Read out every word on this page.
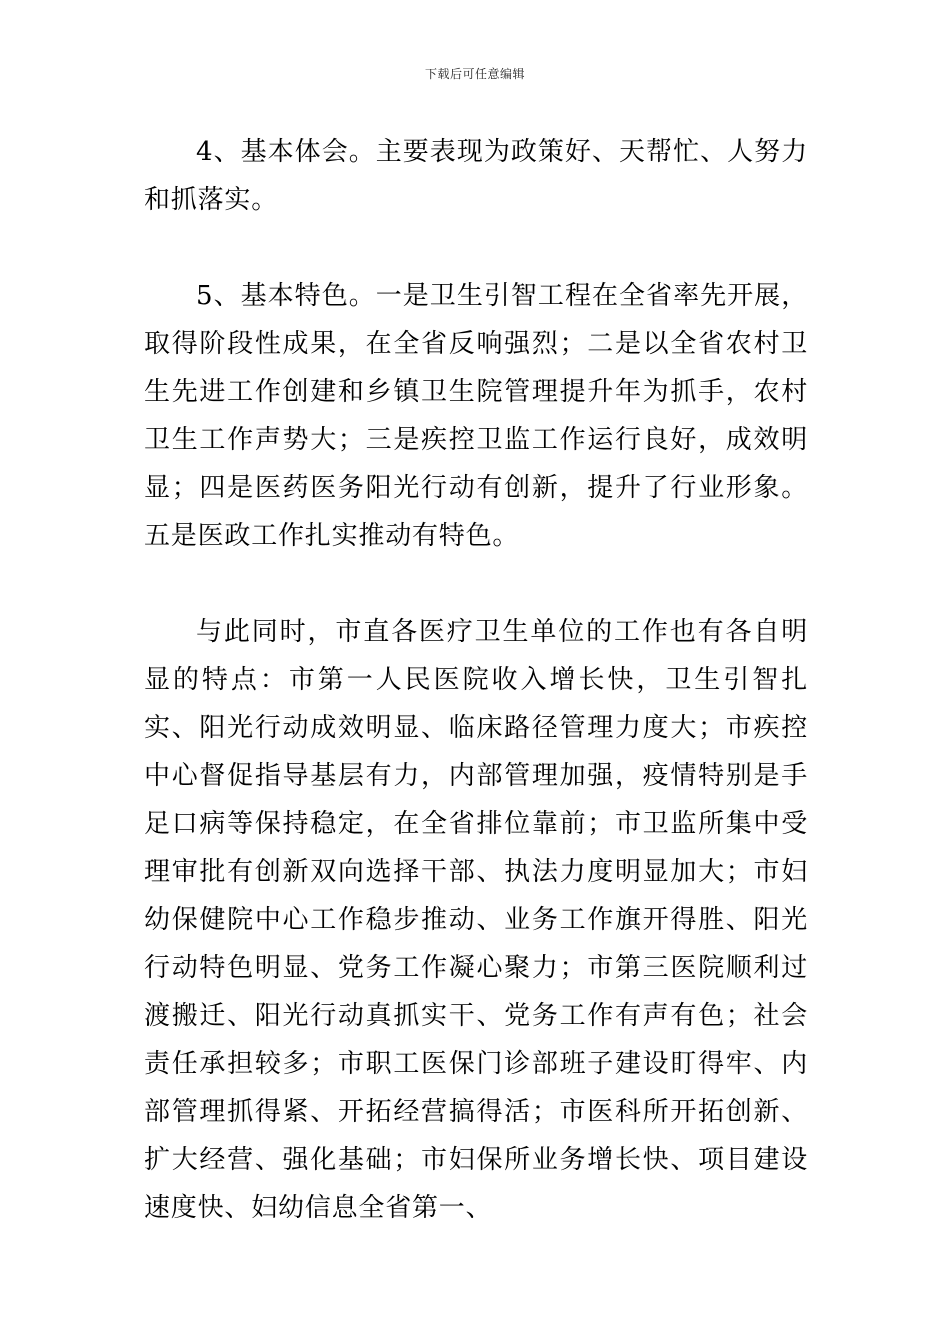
下载后可任意编辑

4、基本体会。主要表现为政策好、天帮忙、人努力和抓落实。

5、基本特色。一是卫生引智工程在全省率先开展，取得阶段性成果，在全省反响强烈；二是以全省农村卫生先进工作创建和乡镇卫生院管理提升年为抓手，农村卫生工作声势大；三是疾控卫监工作运行良好，成效明显；四是医药医务阳光行动有创新，提升了行业形象。五是医政工作扎实推动有特色。

与此同时，市直各医疗卫生单位的工作也有各自明显的特点：市第一人民医院收入增长快，卫生引智扎实、阳光行动成效明显、临床路径管理力度大；市疾控中心督促指导基层有力，内部管理加强，疫情特别是手足口病等保持稳定，在全省排位靠前；市卫监所集中受理审批有创新双向选择干部、执法力度明显加大；市妇幼保健院中心工作稳步推动、业务工作旗开得胜、阳光行动特色明显、党务工作凝心聚力；市第三医院顺利过渡搬迁、阳光行动真抓实干、党务工作有声有色；社会责任承担较多；市职工医保门诊部班子建设盯得牢、内部管理抓得紧、开拓经营搞得活；市医科所开拓创新、扩大经营、强化基础；市妇保所业务增长快、项目建设速度快、妇幼信息全省第一、
